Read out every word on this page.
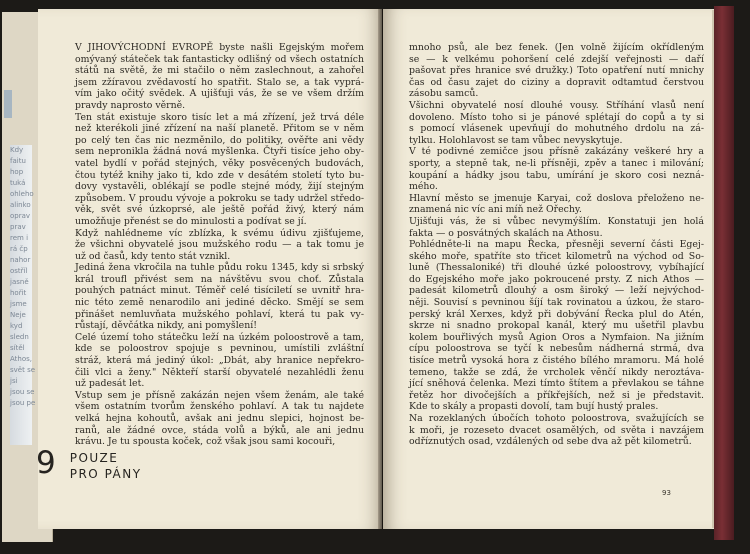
Kdy
faitu
hop
tuká
ohleho
alinko
oprav
prav
rem i
rá čp
nahor
ostříl
jasně
hořit
jsme
Neje
kyd
sledn
sítěl
Athos,
svět se
jsi
jsou se
jsou pe
V JIHOVÝCHODNÍ EVROPĚ byste našli Egejským mořem
omývaný státeček tak fantasticky odlišný od všech ostatních
států na světě, že mi stačilo o něm zaslechnout, a zahořel
jsem zžíravou zvědavostí ho spatřit. Stalo se, a tak vyprá-
vím jako očitý svědek. A ujišťuji vás, že se ve všem držím
pravdy naprosto věrně.
Ten stát existuje skoro tisíc let a má zřízení, jež trvá déle
než kterékoli jiné zřízení na naší planetě. Přitom se v něm
po celý ten čas nic nezměnilo, do politiky, ověřte ani vědy
sem nepronikla žádná nová myšlenka. Čtyři tisíce jeho oby-
vatel bydlí v pořád stejných, věky posvěcených budovách,
čtou tytéž knihy jako ti, kdo zde v desátém století tyto bu-
dovy vystavěli, oblékají se podle stejné módy, žijí stejným
způsobem. V proudu vývoje a pokroku se tady udržel středo-
věk, svět své úzkoprsé, ale ještě pořád živý, který nám
umožňuje přenést se do minulosti a podívat se jí.
Když nahlédneme víc zblízka, k svému údivu zjišťujeme,
že všichni obyvatelé jsou mužského rodu — a tak tomu je
už od časů, kdy tento stát vznikl.
Jediná žena vkročila na tuhle půdu roku 1345, kdy si srbský
král troufl přivést sem na návštěvu svou choť. Zůstala
pouhých patnáct minut. Téměř celé tisíciletí se uvnitř hra-
nic této země nenarodilo ani jediné děcko. Smějí se sem
přinášet nemluvňata mužského pohlaví, která tu pak vy-
růstají, děvčátka nikdy, ani pomyšlení!
Celé území toho státečku leží na úzkém poloostrově a tam,
kde se poloostrov spojuje s pevninou, umístili zvláštní
stráž, která má jediný úkol: „Dbát, aby hranice nepřekro-
čili vlci a ženy." Někteří starší obyvatelé nezahlédli ženu
už padesát let.
Vstup sem je přísně zakázán nejen všem ženám, ale také
všem ostatním tvorům ženského pohlaví. A tak tu najdete
velká hejna kohoutů, avšak ani jednu slepici, hojnost be-
ranů, ale žádné ovce, stáda volů a býků, ale ani jednu
krávu. Je tu spousta koček, což však jsou sami kocouři,
mnoho psů, ale bez fenek. (Jen volně žijícím okřídleným
se — k velkému pohoršení celé zdejší veřejnosti — daří
pašovat přes hranice své družky.) Toto opatření nutí mnichy
čas od času zajet do ciziny a dopravit odtamtud čerstvou
zásobu samců.
Všichni obyvatelé nosí dlouhé vousy. Stříhání vlasů není
dovoleno. Místo toho si je pánové splétají do copů a ty si
s pomocí vlásenek upevňují do mohutného drdolu na zá-
tylku. Holohlavost se tam vůbec nevyskytuje.
V té podivné zemičce jsou přísně zakázány veškeré hry a
sporty, a stepně tak, ne-li přísněji, zpěv a tanec i milování;
koupání a hádky jsou tabu, umírání je skoro cosi nezná-
mého.
Hlavní město se jmenuje Karyai, což doslova přeloženo ne-
znamená nic víc ani míň než Ořechy.
Ujišťuji vás, že si vůbec nevymýšlím. Konstatuji jen holá
fakta — o posvátných skalách na Athosu.
Pohlédněte-li na mapu Řecka, přesněji severní části Egej-
ského moře, spatříte sto třicet kilometrů na východ od So-
luně (Thessaloniké) tři dlouhé úzké poloostrovy, vybíhající
do Egejského moře jako pokroucené prsty. Z nich Athos —
padesát kilometrů dlouhý a osm široký — leží nejvýchod-
něji. Souvisí s pevninou šíjí tak rovinatou a úzkou, že staro-
perský král Xerxes, když při dobývání Řecka plul do Atén,
skrze ni snadno prokopal kanál, který mu ušetřil plavbu
kolem bouřlivých mysů Agion Oros a Nymfaion. Na jižním
cípu poloostrova se tyčí k nebesům nádherná strmá, dva
tisíce metrů vysoká hora z čistého bílého mramoru. Má holé
temeno, takže se zdá, že vrcholek věnčí nikdy neroztáva-
jící sněhová čelenka. Mezi tímto štítem a převlakou se táhne
řetěz hor divočejších a příkřejších, než si je představit.
Kde to skály a propasti dovolí, tam bují hustý prales.
Na rozeklaných úbočích tohoto poloostrova, svažujících se
k moři, je rozeseto dvacet osamělých, od světa i navzájem
odříznutých osad, vzdálených od sebe dva až pět kilometrů.
93
9 POUZE
PRO PÁNY
